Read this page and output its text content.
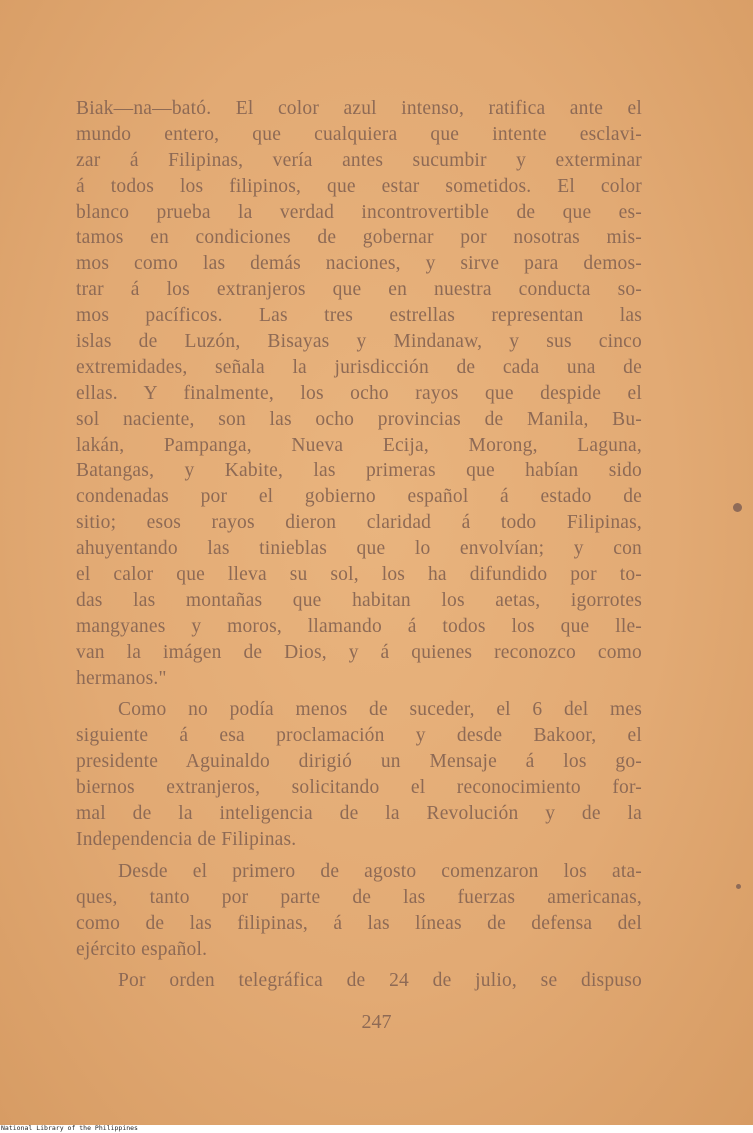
Biak—na—bató. El color azul intenso, ratifica ante el
mundo entero, que cualquiera que intente esclavi-
zar á Filipinas, vería antes sucumbir y exterminar
á todos los filipinos, que estar sometidos. El color
blanco prueba la verdad incontrovertible de que es-
tamos en condiciones de gobernar por nosotras mis-
mos como las demás naciones, y sirve para demos-
trar á los extranjeros que en nuestra conducta so-
mos pacíficos. Las tres estrellas representan las
islas de Luzón, Bisayas y Mindanaw, y sus cinco
extremidades, señala la jurisdicción de cada una de
ellas. Y finalmente, los ocho rayos que despide el
sol naciente, son las ocho provincias de Manila, Bu-
lakán, Pampanga, Nueva Ecija, Morong, Laguna,
Batangas, y Kabite, las primeras que habían sido
condenadas por el gobierno español á estado de
sitio; esos rayos dieron claridad á todo Filipinas,
ahuyentando las tinieblas que lo envolvían; y con
el calor que lleva su sol, los ha difundido por to-
das las montañas que habitan los aetas, igorrotes
mangyanes y moros, llamando á todos los que lle-
van la imágen de Dios, y á quienes reconozco como
hermanos."
Como no podía menos de suceder, el 6 del mes
siguiente á esa proclamación y desde Bakoor, el
presidente Aguinaldo dirigió un Mensaje á los go-
biernos extranjeros, solicitando el reconocimiento for-
mal de la inteligencia de la Revolución y de la
Independencia de Filipinas.
Desde el primero de agosto comenzaron los ata-
ques, tanto por parte de las fuerzas americanas,
como de las filipinas, á las líneas de defensa del
ejército español.
Por orden telegráfica de 24 de julio, se dispuso
247
National Library of the Philippines
